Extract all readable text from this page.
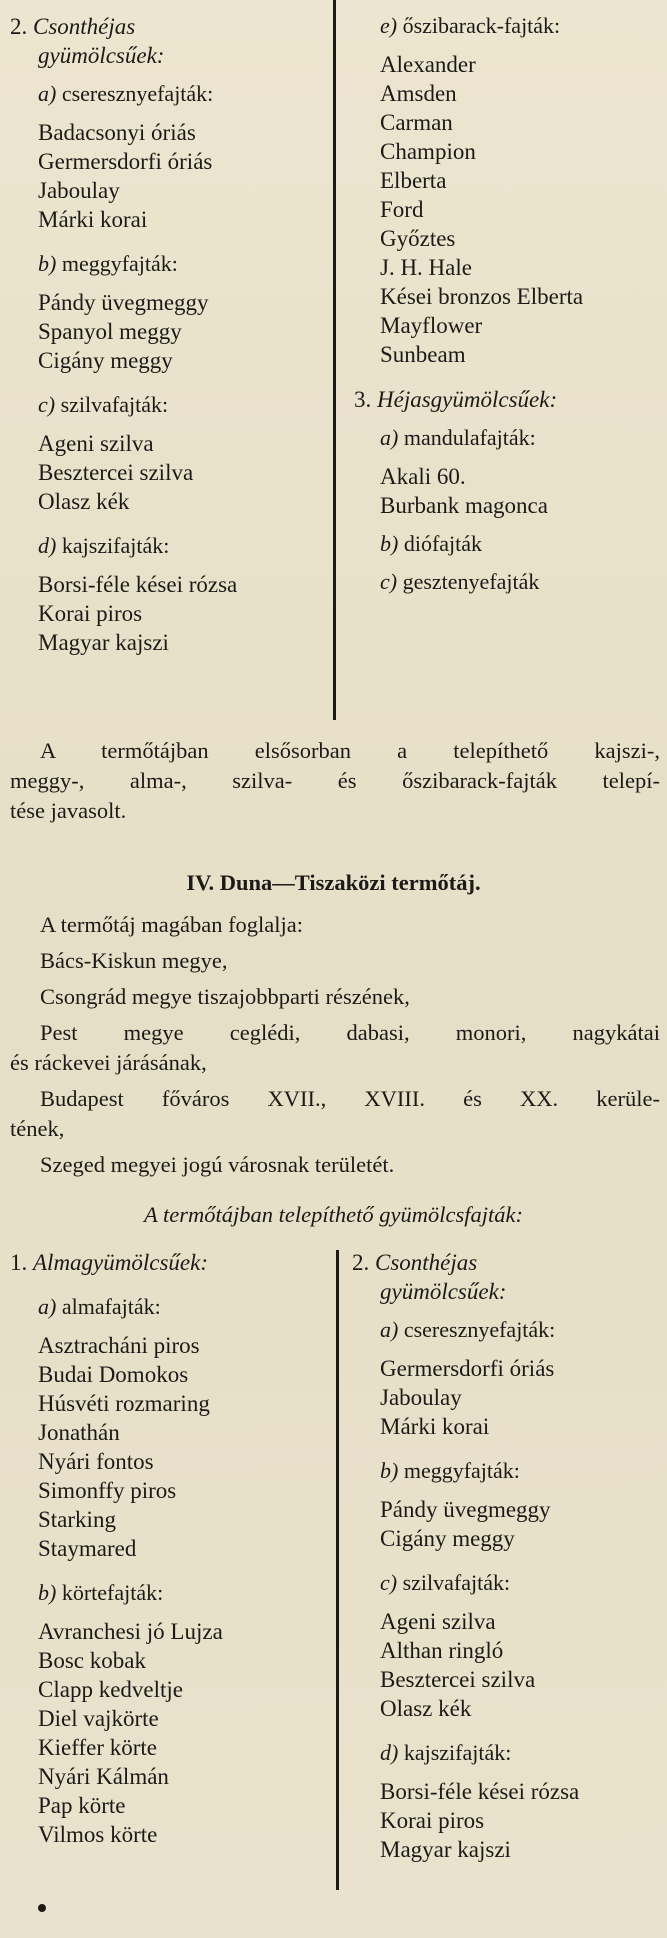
2. Csonthéjas
gyümölcsűek:
a) cseresznyefajták:
Badacsonyi óriás
Germersdorfi óriás
Jaboulay
Márki korai
b) meggyfajták:
Pándy üvegmeggy
Spanyol meggy
Cigány meggy
c) szilvafajták:
Ageni szilva
Besztercei szilva
Olasz kék
d) kajszifajták:
Borsi-féle kései rózsa
Korai piros
Magyar kajszi
e) őszibarack-fajták:
Alexander
Amsden
Carman
Champion
Elberta
Ford
Győztes
J. H. Hale
Kései bronzos Elberta
Mayflower
Sunbeam
3. Héjasgyümölcsűek:
a) mandulafajták:
Akali 60.
Burbank magonca
b) diófajták
c) gesztenyefajták
A termőtájban elsősorban a telepíthető kajszi-,
meggy-, alma-, szilva- és őszibarack-fajták telepí-
tése javasolt.
IV. Duna—Tiszaközi termőtáj.
A termőtáj magában foglalja:
Bács-Kiskun megye,
Csongrád megye tiszajobbparti részének,
Pest megye ceglédi, dabasi, monori, nagykátai
és ráckevei járásának,
Budapest főváros XVII., XVIII. és XX. kerüle-
tének,
Szeged megyei jogú városnak területét.
A termőtájban telepíthető gyümölcsfajták:
1. Almagyümölcsűek:
a) almafajták:
Asztracháni piros
Budai Domokos
Húsvéti rozmaring
Jonathán
Nyári fontos
Simonffy piros
Starking
Staymared
b) körtefajták:
Avranchesi jó Lujza
Bosc kobak
Clapp kedveltje
Diel vajkörte
Kieffer körte
Nyári Kálmán
Pap körte
Vilmos körte
2. Csonthéjas
gyümölcsűek:
a) cseresznyefajták:
Germersdorfi óriás
Jaboulay
Márki korai
b) meggyfajták:
Pándy üvegmeggy
Cigány meggy
c) szilvafajták:
Ageni szilva
Althan ringló
Besztercei szilva
Olasz kék
d) kajszifajták:
Borsi-féle kései rózsa
Korai piros
Magyar kajszi
